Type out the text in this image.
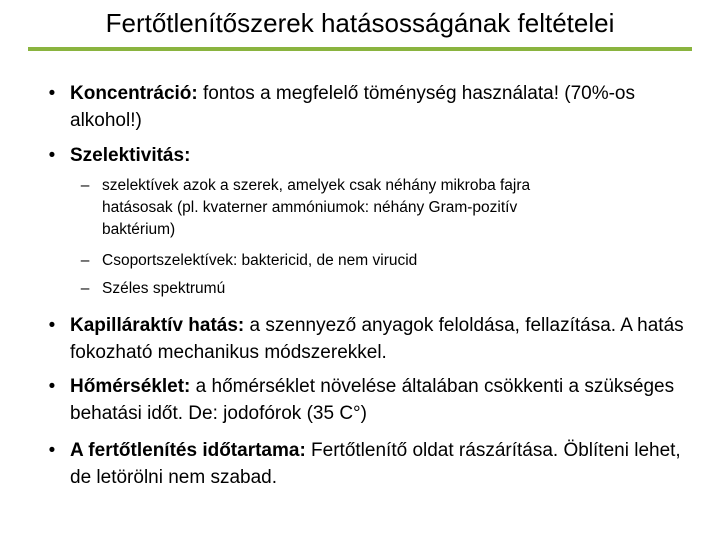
Fertőtlenítőszerek hatásosságának feltételei
• Koncentráció: fontos a megfelelő töménység használata! (70%-os alkohol!)
• Szelektivitás:
– szelektívek azok a szerek, amelyek csak néhány mikroba fajra hatásosak (pl. kvaterner ammóniumok: néhány Gram-pozitív baktérium)
– Csoportszelektívek: baktericid, de nem virucid
– Széles spektrumú
• Kapilláraktív hatás: a szennyező anyagok feloldása, fellazítása. A hatás fokozható mechanikus módszerekkel.
• Hőmérséklet: a hőmérséklet növelése általában csökkenti a szükséges behatási időt. De: jodofórok (35 C°)
• A fertőtlenítés időtartama: Fertőtlenítő oldat rászárítása. Öblíteni lehet, de letörölni nem szabad.
